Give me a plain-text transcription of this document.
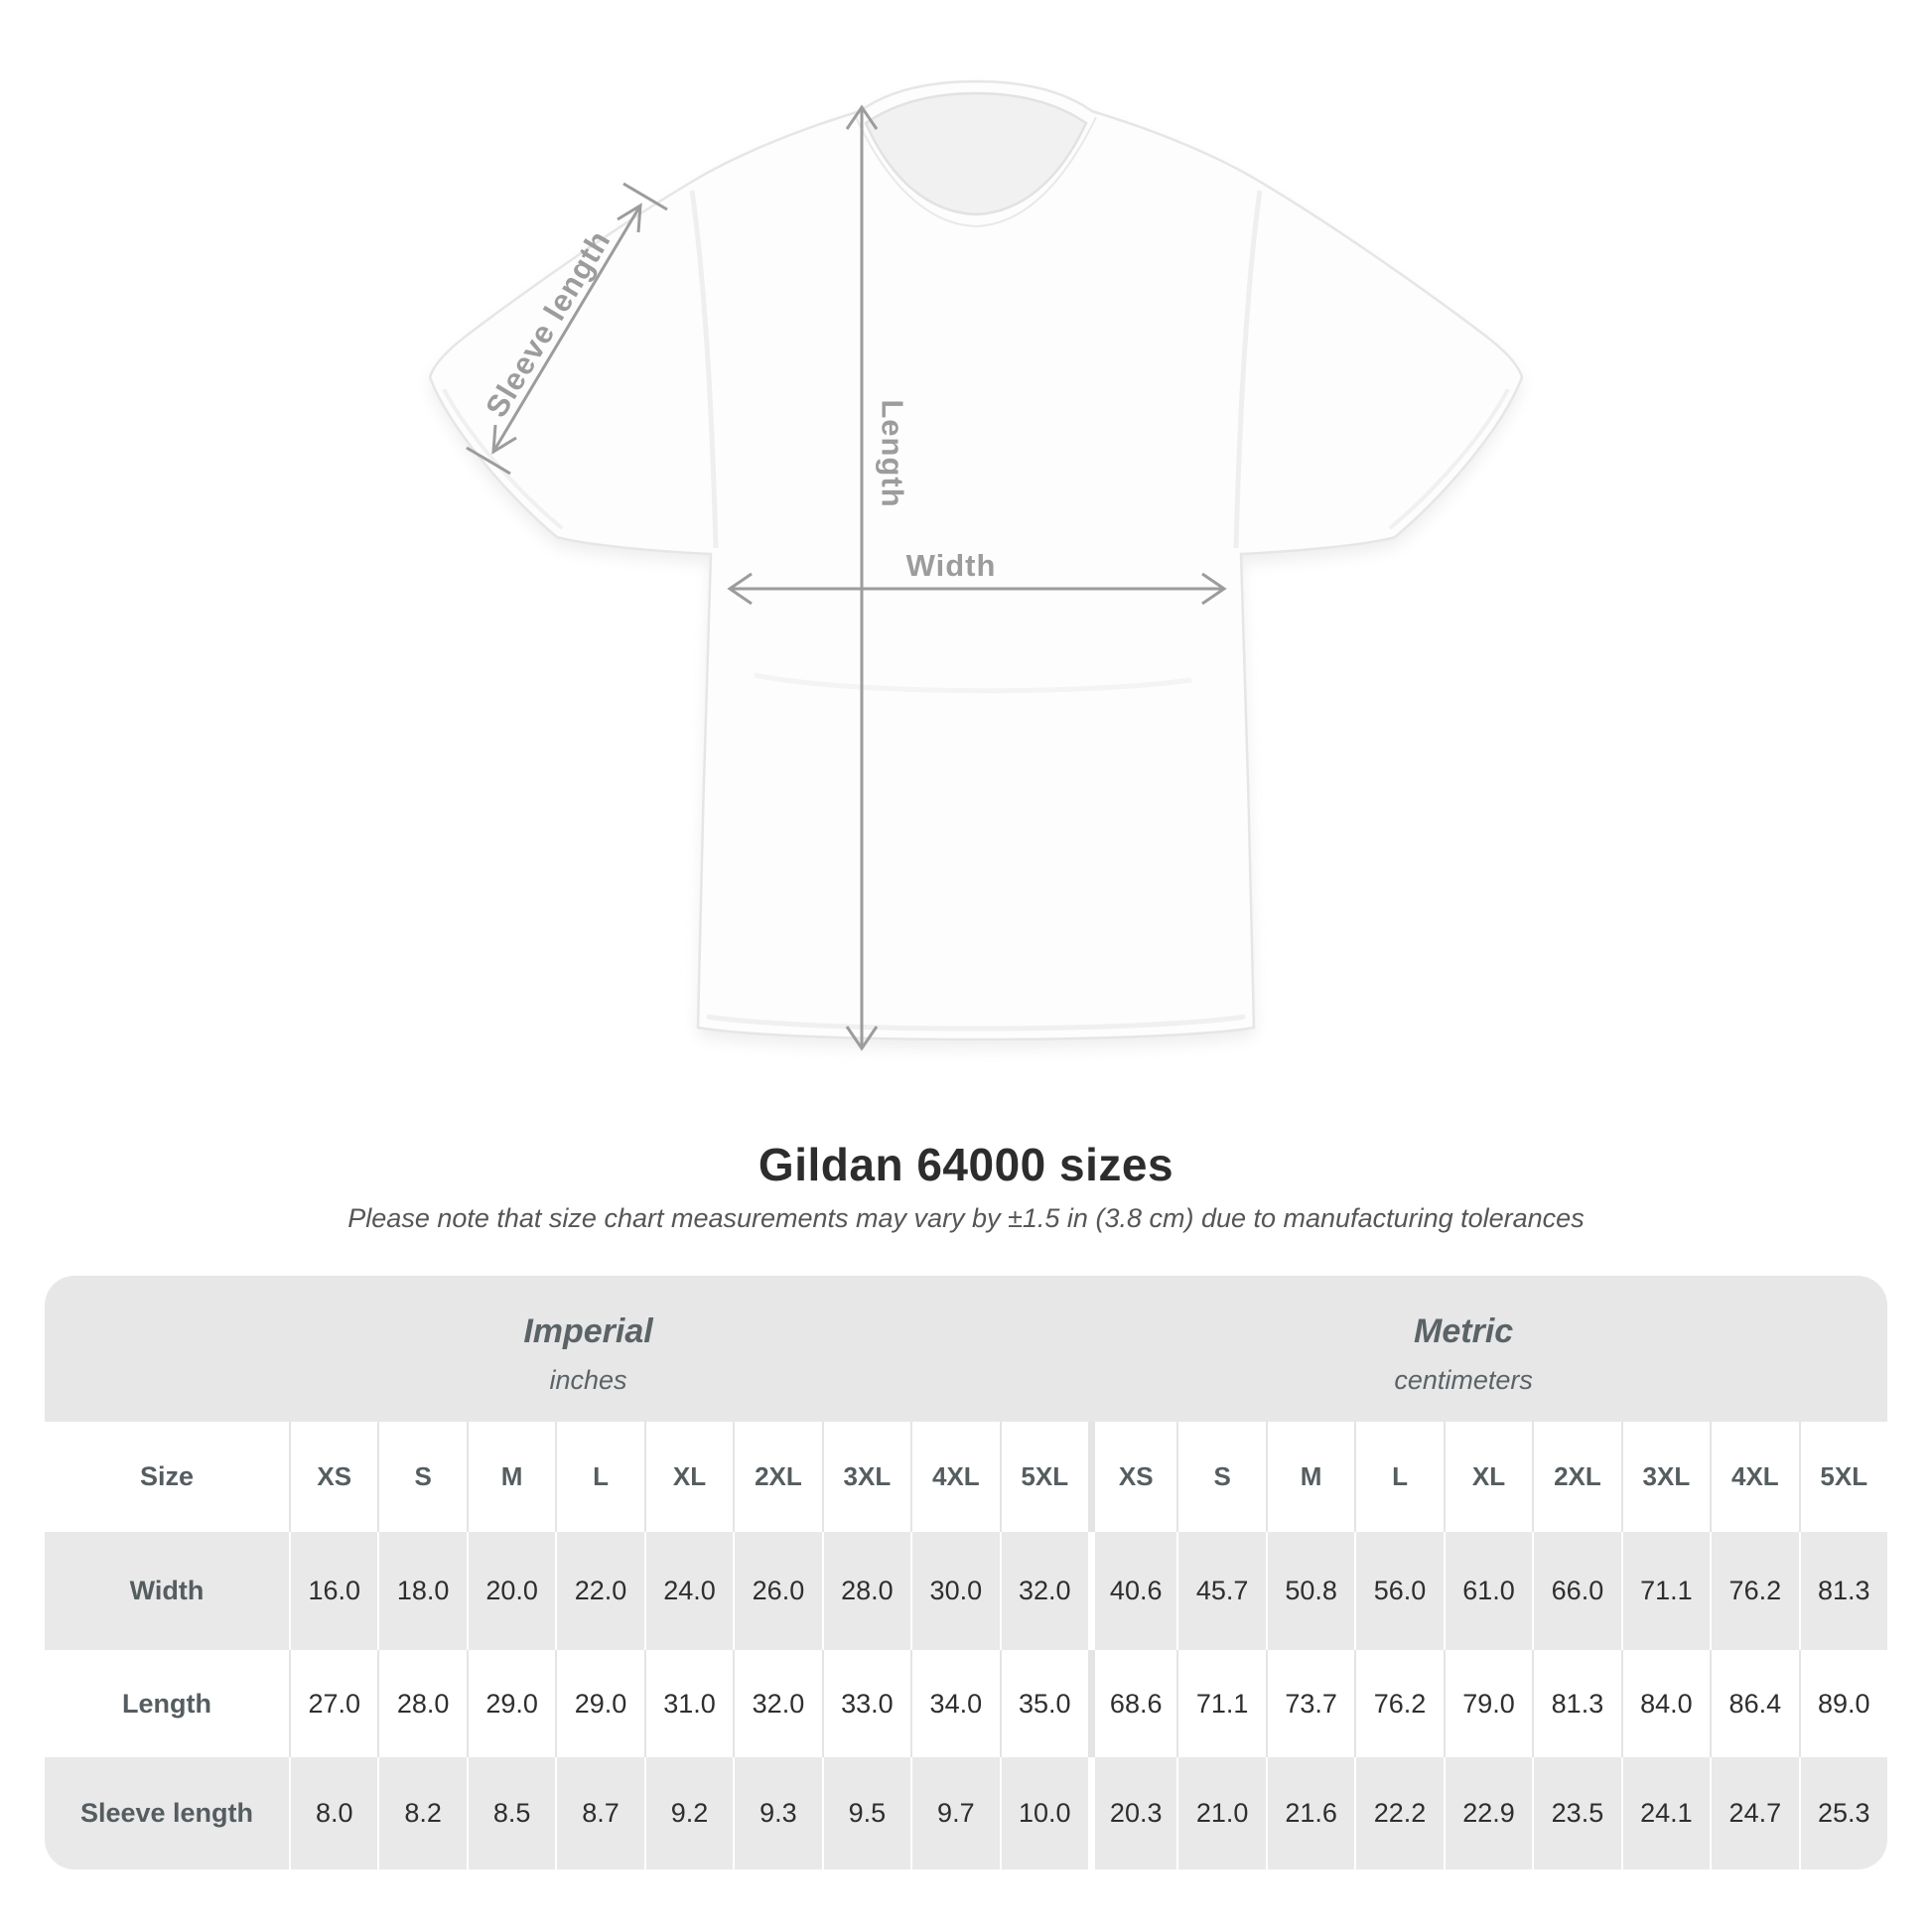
Length
Width
Sleeve length
Gildan 64000 sizes
Please note that size chart measurements may vary by ±1.5 in (3.8 cm) due to manufacturing tolerances
Imperial
inches
Metric
centimeters
Size	XS	S	M	L	XL	2XL	3XL	4XL	5XL	XS	S	M	L	XL	2XL	3XL	4XL	5XL
Width	16.0	18.0	20.0	22.0	24.0	26.0	28.0	30.0	32.0	40.6	45.7	50.8	56.0	61.0	66.0	71.1	76.2	81.3
Length	27.0	28.0	29.0	29.0	31.0	32.0	33.0	34.0	35.0	68.6	71.1	73.7	76.2	79.0	81.3	84.0	86.4	89.0
Sleeve length	8.0	8.2	8.5	8.7	9.2	9.3	9.5	9.7	10.0	20.3	21.0	21.6	22.2	22.9	23.5	24.1	24.7	25.3
